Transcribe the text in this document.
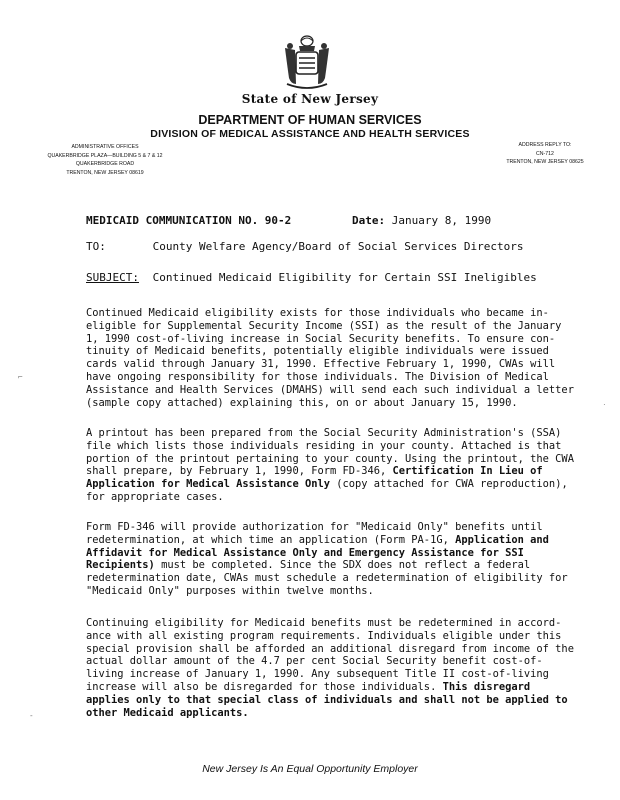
State of New Jersey
DEPARTMENT OF HUMAN SERVICES
DIVISION OF MEDICAL ASSISTANCE AND HEALTH SERVICES
ADMINISTRATIVE OFFICES
QUAKERBRIDGE PLAZA—BUILDING 5 & 7 & 12
QUAKERBRIDGE ROAD
TRENTON, NEW JERSEY 08619
ADDRESS REPLY TO:
CN-712
TRENTON, NEW JERSEY 08625
MEDICAID COMMUNICATION NO. 90-2	Date: January 8, 1990
TO:	County Welfare Agency/Board of Social Services Directors
SUBJECT: Continued Medicaid Eligibility for Certain SSI Ineligibles
Continued Medicaid eligibility exists for those individuals who became in-
eligible for Supplemental Security Income (SSI) as the result of the January
1, 1990 cost-of-living increase in Social Security benefits. To ensure con-
tinuity of Medicaid benefits, potentially eligible individuals were issued
cards valid through January 31, 1990. Effective February 1, 1990, CWAs will
have ongoing responsibility for those individuals. The Division of Medical
Assistance and Health Services (DMAHS) will send each such individual a letter
(sample copy attached) explaining this, on or about January 15, 1990.
A printout has been prepared from the Social Security Administration's (SSA)
file which lists those individuals residing in your county. Attached is that
portion of the printout pertaining to your county. Using the printout, the CWA
shall prepare, by February 1, 1990, Form FD-346, Certification In Lieu of
Application for Medical Assistance Only (copy attached for CWA reproduction),
for appropriate cases.
Form FD-346 will provide authorization for "Medicaid Only" benefits until
redetermination, at which time an application (Form PA-1G, Application and
Affidavit for Medical Assistance Only and Emergency Assistance for SSI
Recipients) must be completed. Since the SDX does not reflect a federal
redetermination date, CWAs must schedule a redetermination of eligibility for
"Medicaid Only" purposes within twelve months.
Continuing eligibility for Medicaid benefits must be redetermined in accord-
ance with all existing program requirements. Individuals eligible under this
special provision shall be afforded an additional disregard from income of the
actual dollar amount of the 4.7 per cent Social Security benefit cost-of-
living increase of January 1, 1990. Any subsequent Title II cost-of-living
increase will also be disregarded for those individuals. This disregard
applies only to that special class of individuals and shall not be applied to
other Medicaid applicants.
New Jersey Is An Equal Opportunity Employer
⌐
·
-
